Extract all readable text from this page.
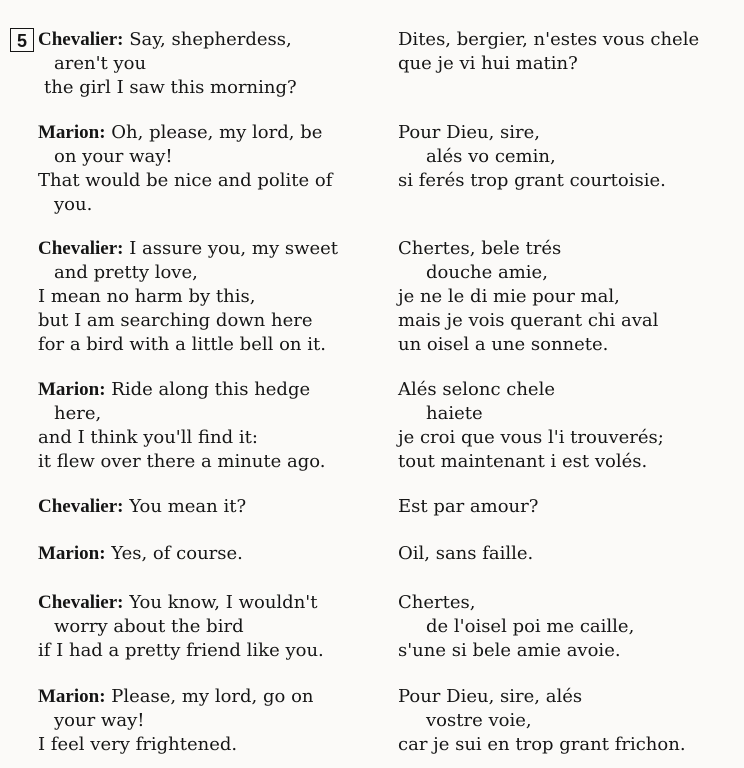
5 Chevalier: Say, shepherdess,
aren't you
the girl I saw this morning?
Dites, bergier, n'estes vous chele
que je vi hui matin?
Marion: Oh, please, my lord, be
on your way!
That would be nice and polite of
you.
Pour Dieu, sire,
alés vo cemin,
si ferés trop grant courtoisie.
Chevalier: I assure you, my sweet
and pretty love,
I mean no harm by this,
but I am searching down here
for a bird with a little bell on it.
Chertes, bele trés
douche amie,
je ne le di mie pour mal,
mais je vois querant chi aval
un oisel a une sonnete.
Marion: Ride along this hedge
here,
and I think you'll find it:
it flew over there a minute ago.
Alés selonc chele
haiete
je croi que vous l'i trouverés;
tout maintenant i est volés.
Chevalier: You mean it?	Est par amour?
Marion: Yes, of course.	Oil, sans faille.
Chevalier: You know, I wouldn't
worry about the bird
if I had a pretty friend like you.
Chertes,
de l'oisel poi me caille,
s'une si bele amie avoie.
Marion: Please, my lord, go on
your way!
I feel very frightened.
Pour Dieu, sire, alés
vostre voie,
car je sui en trop grant frichon.
